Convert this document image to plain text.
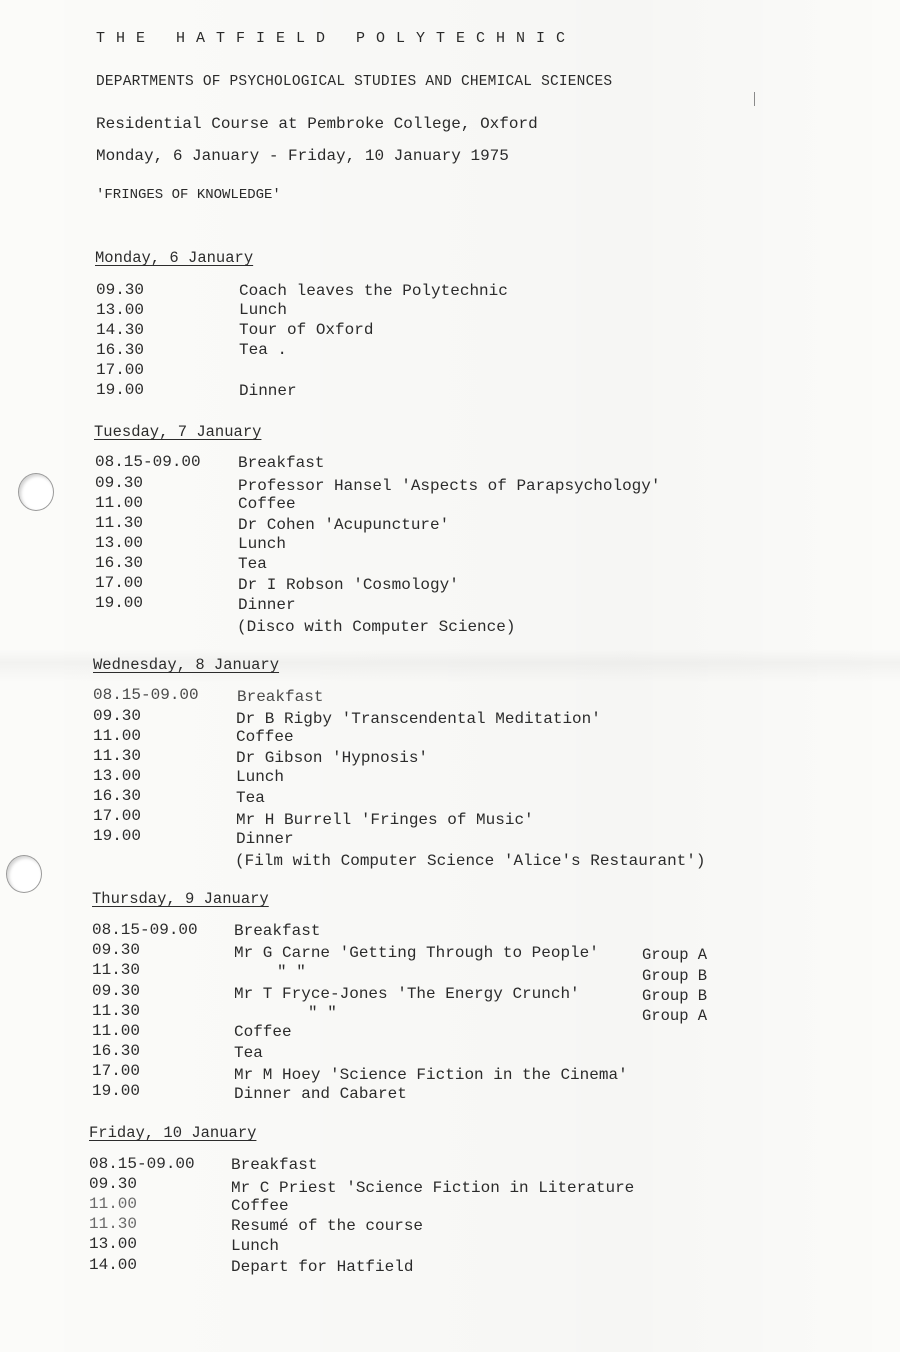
THE HATFIELD POLYTECHNIC
DEPARTMENTS OF PSYCHOLOGICAL STUDIES AND CHEMICAL SCIENCES
Residential Course at Pembroke College, Oxford
Monday, 6 January - Friday, 10 January 1975
'FRINGES OF KNOWLEDGE'
Monday, 6 January
09.30	Coach leaves the Polytechnic
13.00	Lunch
14.30	Tour of Oxford
16.30	Tea .
17.00
19.00	Dinner
Tuesday, 7 January
08.15-09.00 Breakfast
09.30	Professor Hansel 'Aspects of Parapsychology'
11.00	Coffee
11.30	Dr Cohen 'Acupuncture'
13.00	Lunch
16.30	Tea
17.00	Dr I Robson 'Cosmology'
19.00	Dinner
(Disco with Computer Science)
Wednesday, 8 January
08.15-09.00 Breakfast
09.30	Dr B Rigby 'Transcendental Meditation'
11.00	Coffee
11.30	Dr Gibson 'Hypnosis'
13.00	Lunch
16.30	Tea
17.00	Mr H Burrell 'Fringes of Music'
19.00	Dinner
(Film with Computer Science 'Alice's Restaurant')
Thursday, 9 January
08.15-09.00 Breakfast
09.30	Mr G Carne 'Getting Through to People'	Group A
11.30	" "	Group B
09.30	Mr T Fryce-Jones 'The Energy Crunch'	Group B
11.30	" "	Group A
11.00	Coffee
16.30	Tea
17.00	Mr M Hoey 'Science Fiction in the Cinema'
19.00	Dinner and Cabaret
Friday, 10 January
08.15-09.00 Breakfast
09.30	Mr C Priest 'Science Fiction in Literature
11.00	Coffee
11.30	Resumé of the course
13.00	Lunch
14.00	Depart for Hatfield
